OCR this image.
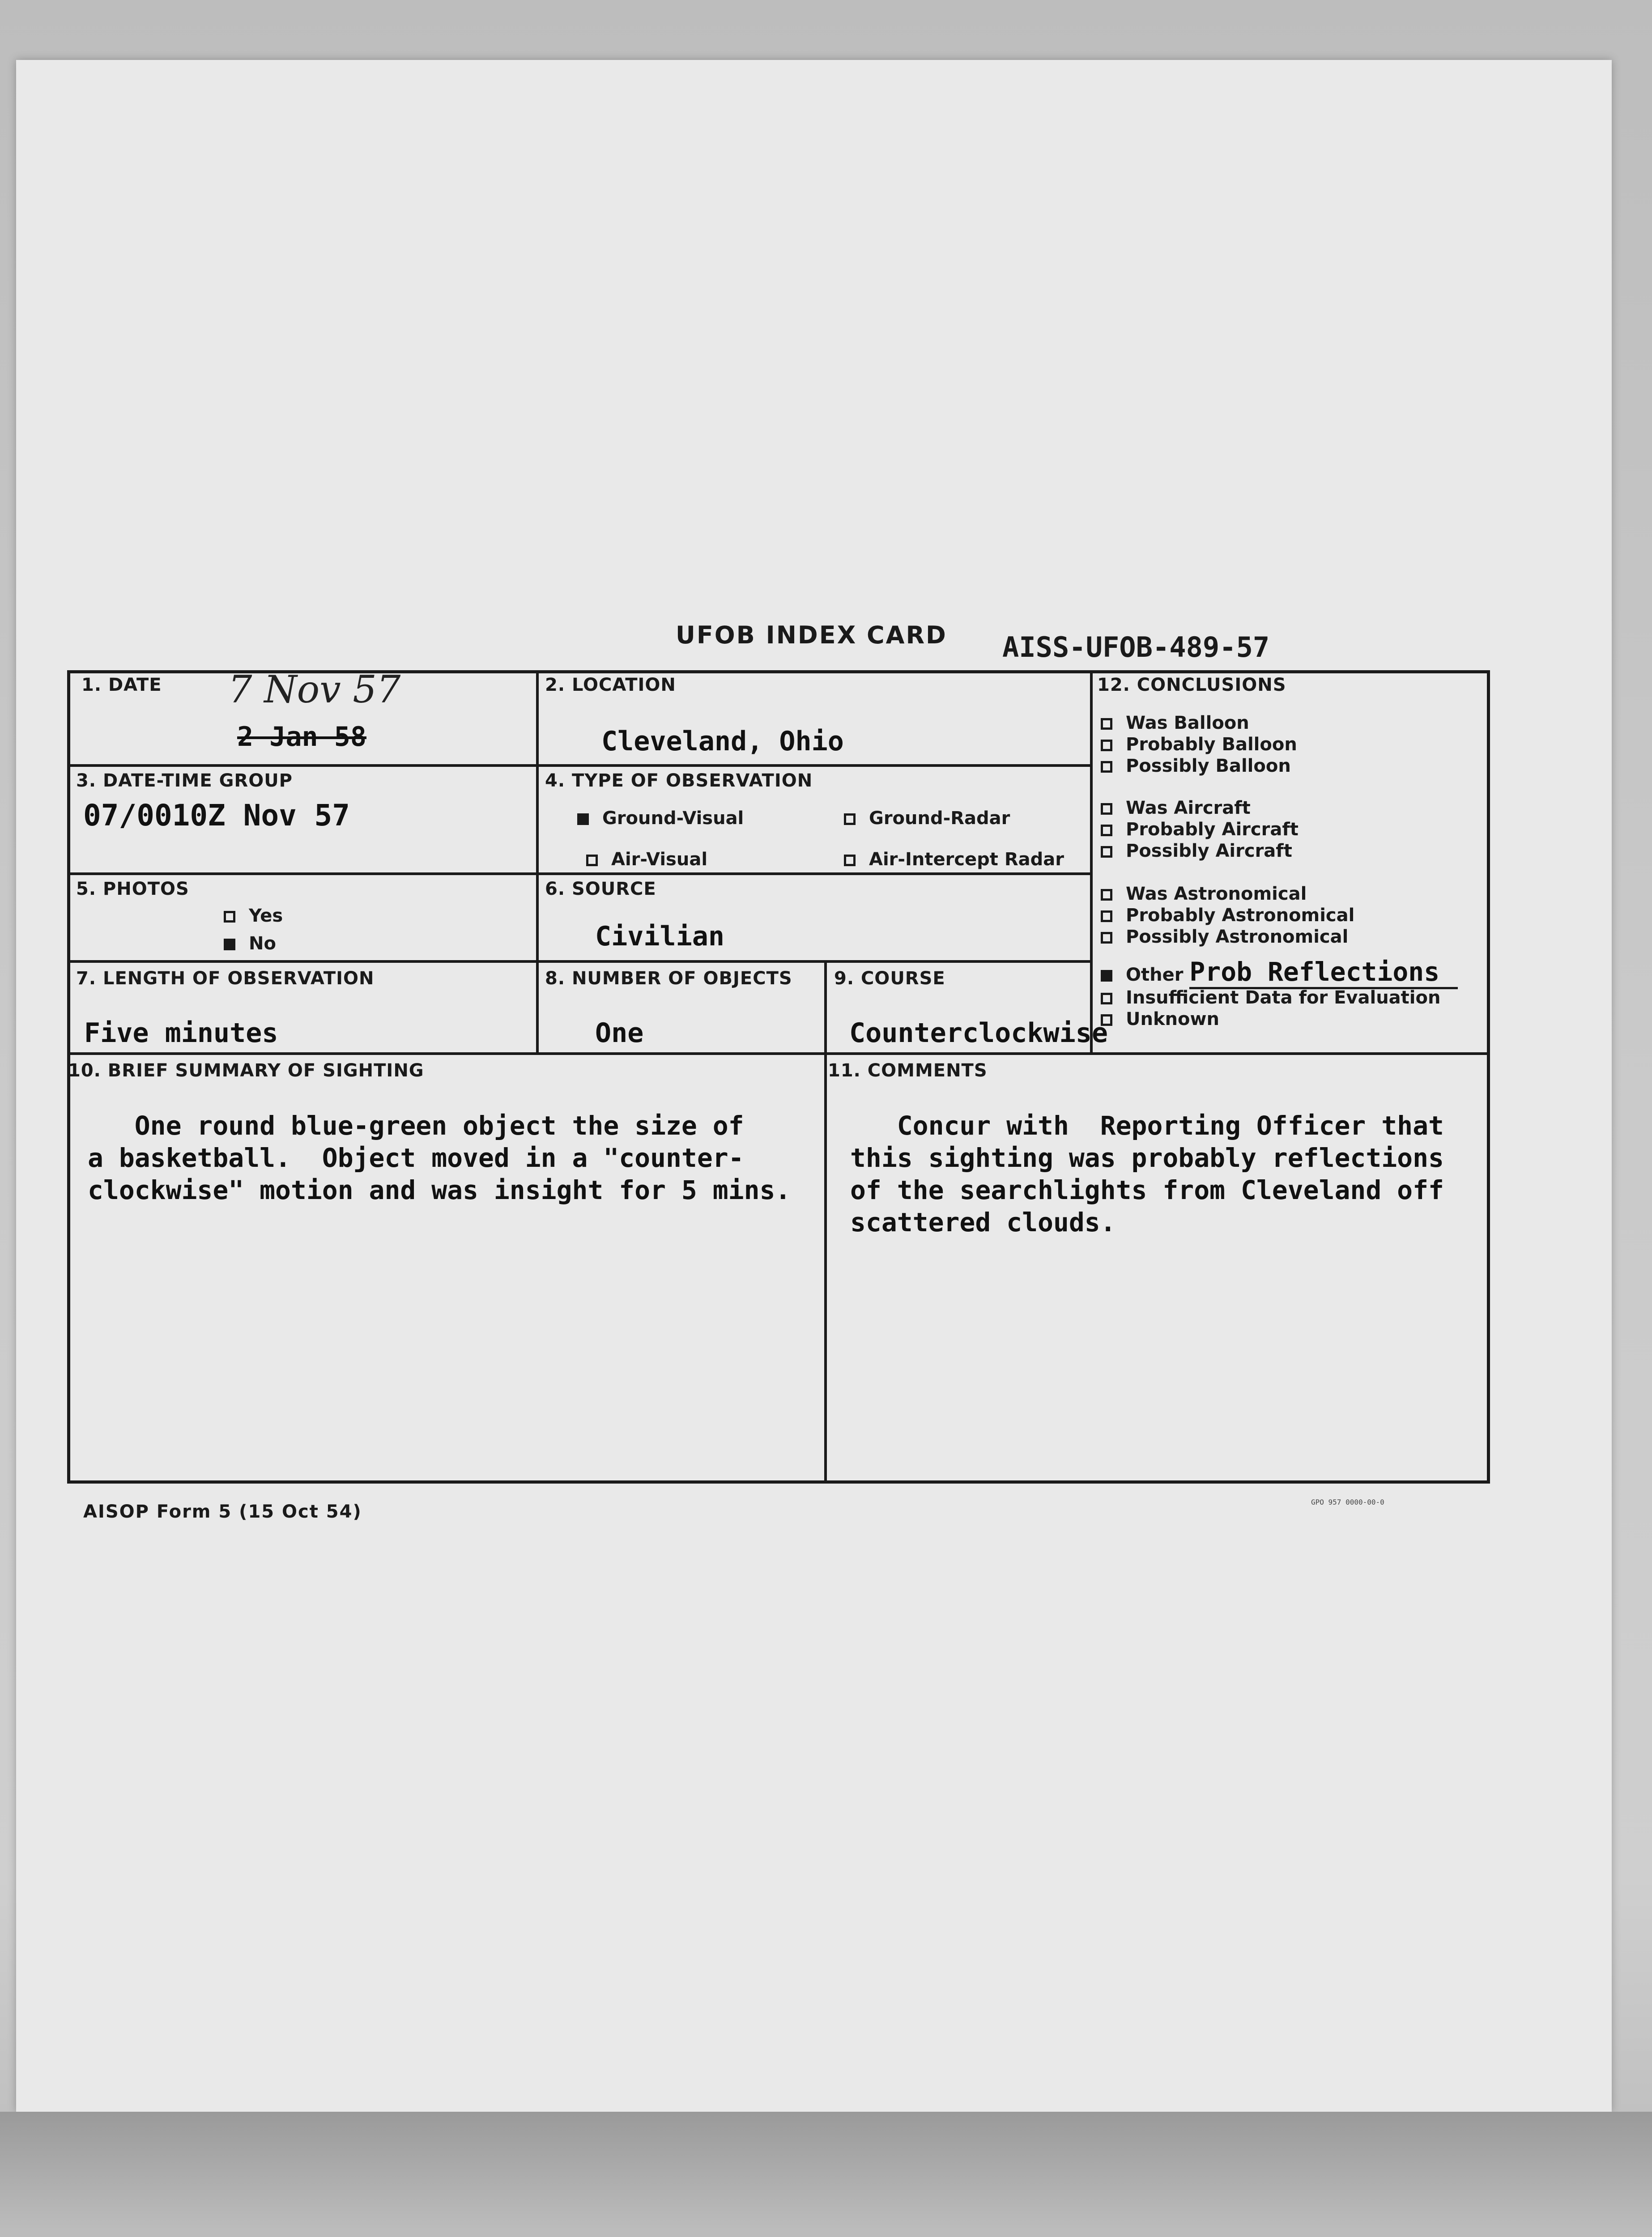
UFOB INDEX CARD AISS-UFOB-489-57
1. DATE 7 Nov 57
2 Jan 58
2. LOCATION
Cleveland, Ohio
3. DATE-TIME GROUP
07/0010Z Nov 57
4. TYPE OF OBSERVATION
Ground-Visual	Ground-Radar
Air-Visual	Air-Intercept Radar
5. PHOTOS
Yes
No
6. SOURCE
Civilian
7. LENGTH OF OBSERVATION
Five minutes
8. NUMBER OF OBJECTS
One
9. COURSE
Counterclockwise
10. BRIEF SUMMARY OF SIGHTING
One round blue-green object the size of
a basketball.  Object moved in a "counter-
clockwise" motion and was insight for 5 mins.
11. COMMENTS
Concur with  Reporting Officer that
this sighting was probably reflections
of the searchlights from Cleveland off
scattered clouds.
12. CONCLUSIONS
Was Balloon
Probably Balloon
Possibly Balloon
Was Aircraft
Probably Aircraft
Possibly Aircraft
Was Astronomical
Probably Astronomical
Possibly Astronomical
Other Prob Reflections
Insufficient Data for Evaluation
Unknown
AISOP Form 5 (15 Oct 54)	GPO 957 0000-00-0
